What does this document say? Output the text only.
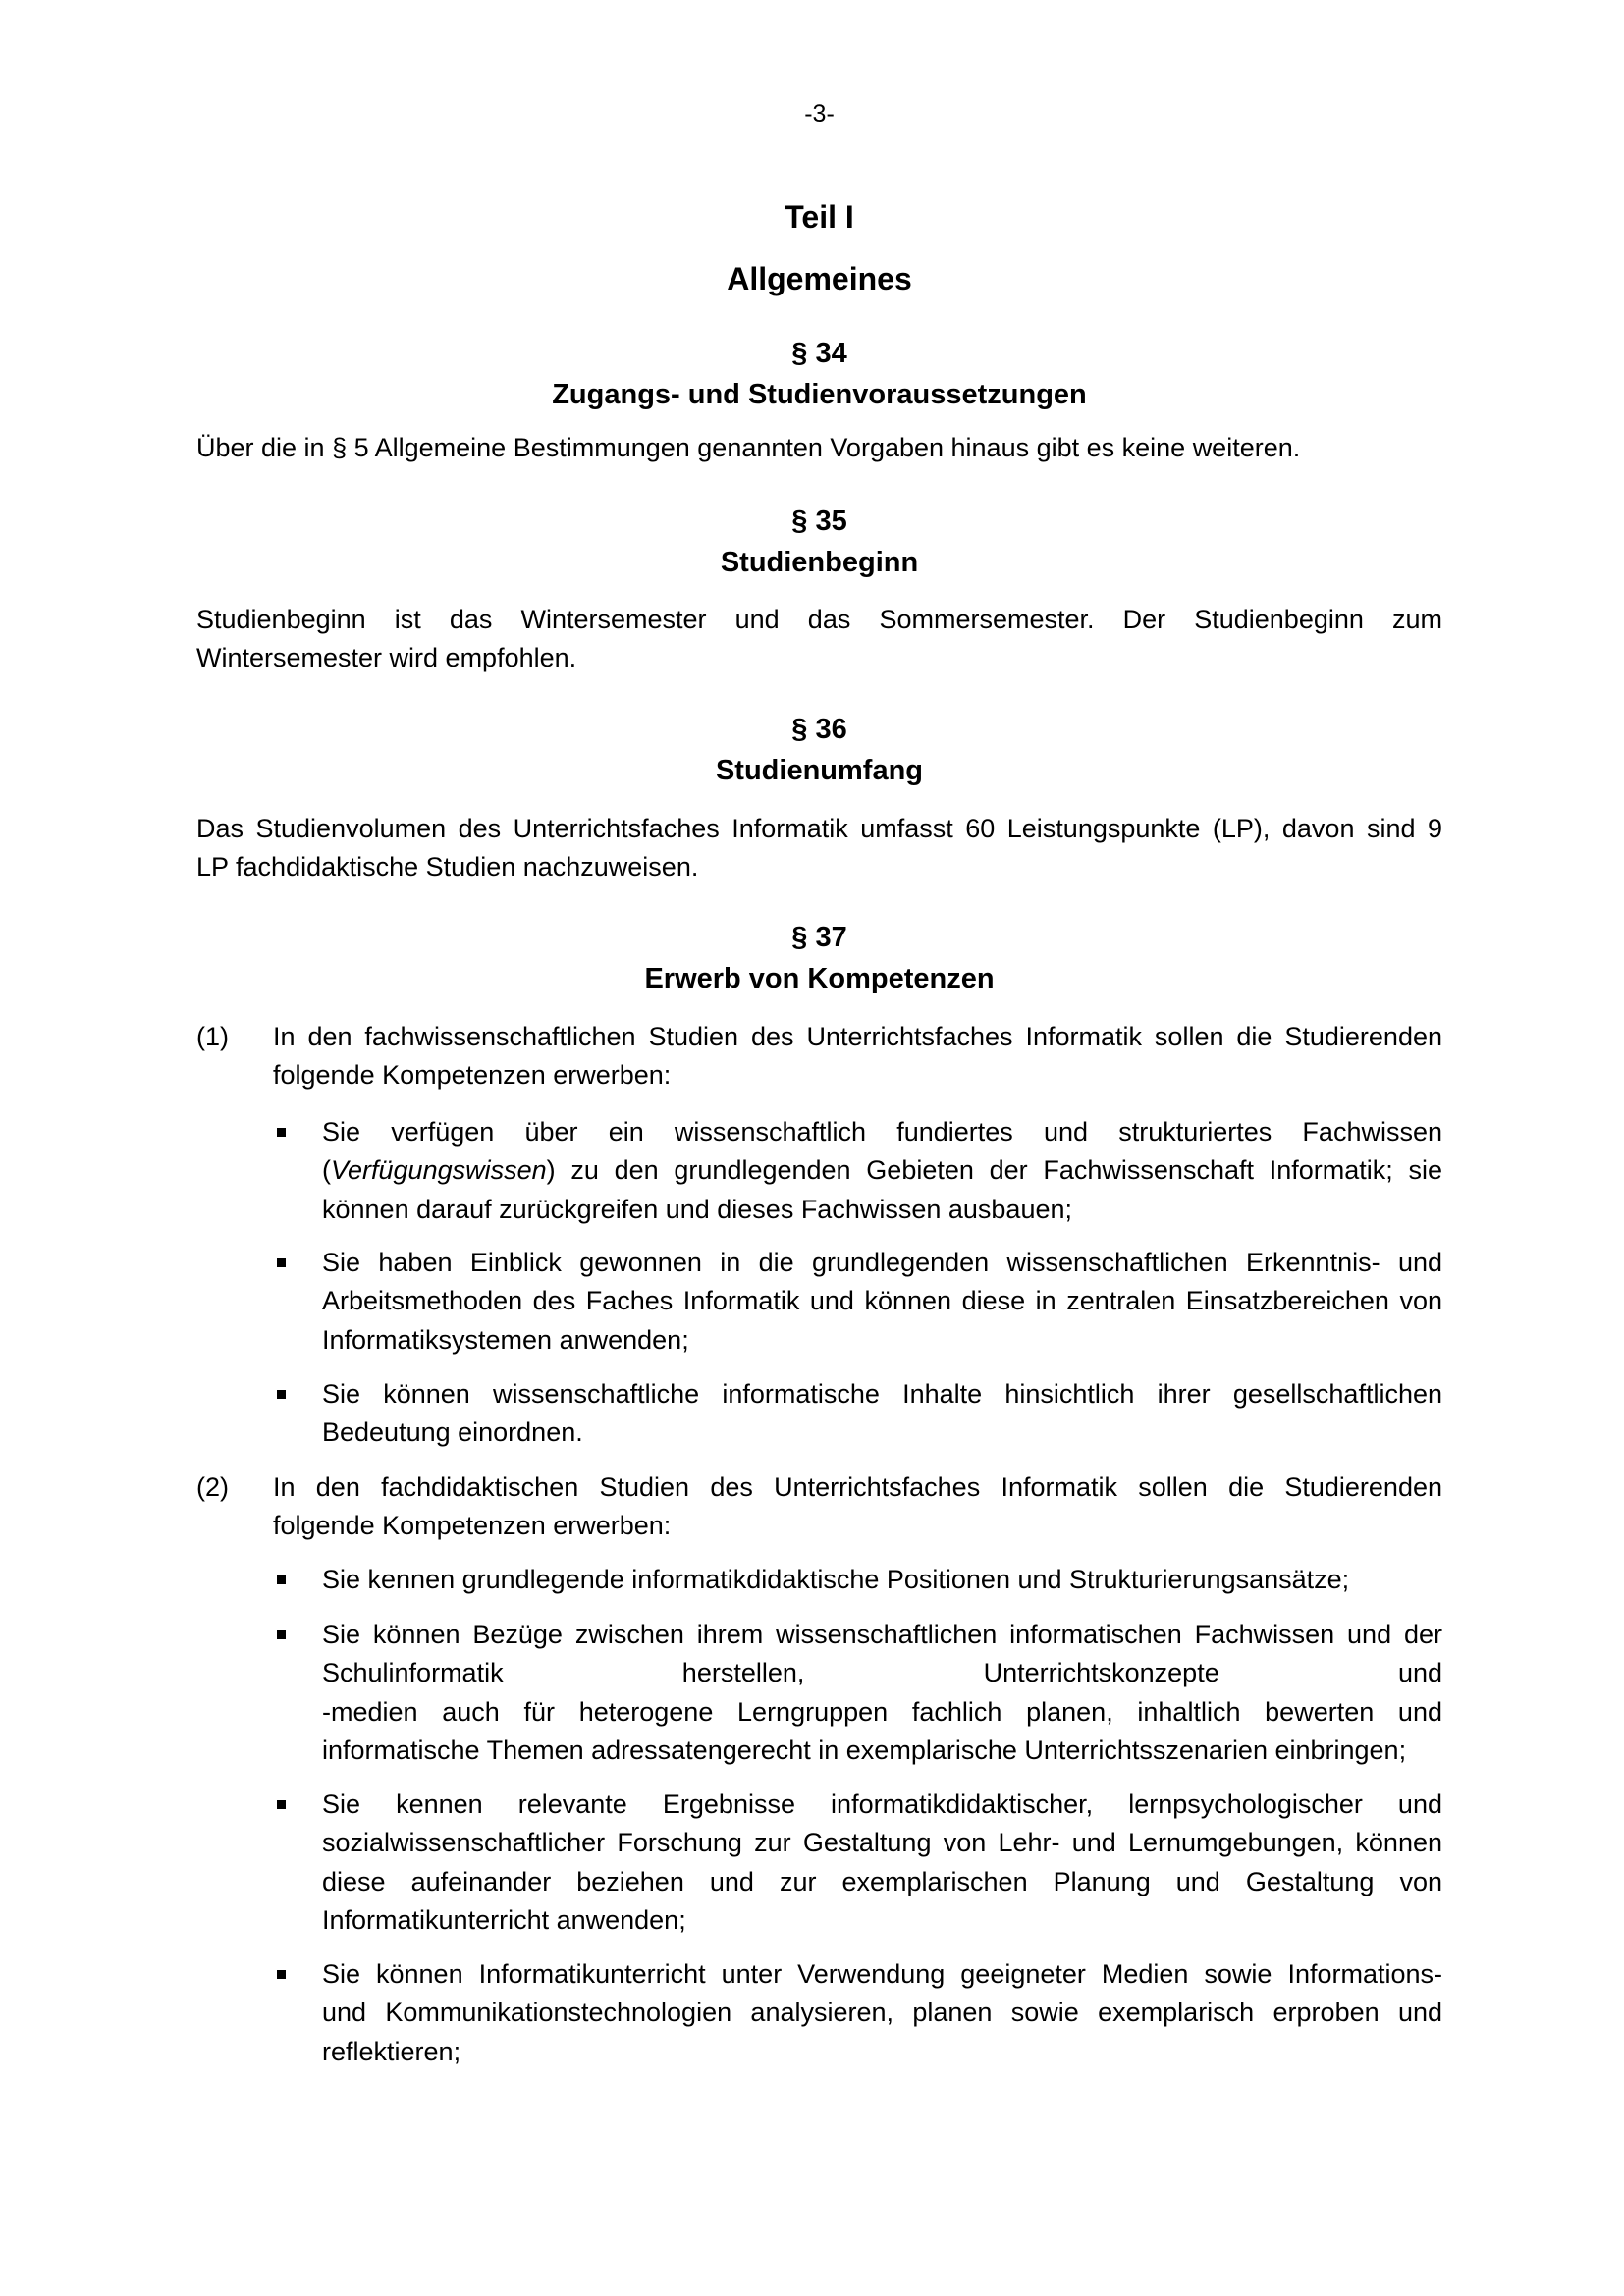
-3-
Teil I
Allgemeines
§ 34
Zugangs- und Studienvoraussetzungen
Über die in § 5 Allgemeine Bestimmungen genannten Vorgaben hinaus gibt es keine weiteren.
§ 35
Studienbeginn
Studienbeginn ist das Wintersemester und das Sommersemester. Der Studienbeginn zum
Wintersemester wird empfohlen.
§ 36
Studienumfang
Das Studienvolumen des Unterrichtsfaches Informatik umfasst 60 Leistungspunkte (LP), davon sind 9
LP fachdidaktische Studien nachzuweisen.
§ 37
Erwerb von Kompetenzen
(1) In den fachwissenschaftlichen Studien des Unterrichtsfaches Informatik sollen die Studierenden
folgende Kompetenzen erwerben:
Sie verfügen über ein wissenschaftlich fundiertes und strukturiertes Fachwissen
(Verfügungswissen) zu den grundlegenden Gebieten der Fachwissenschaft Informatik; sie
können darauf zurückgreifen und dieses Fachwissen ausbauen;
Sie haben Einblick gewonnen in die grundlegenden wissenschaftlichen Erkenntnis- und
Arbeitsmethoden des Faches Informatik und können diese in zentralen Einsatzbereichen von
Informatiksystemen anwenden;
Sie können wissenschaftliche informatische Inhalte hinsichtlich ihrer gesellschaftlichen
Bedeutung einordnen.
(2) In den fachdidaktischen Studien des Unterrichtsfaches Informatik sollen die Studierenden
folgende Kompetenzen erwerben:
Sie kennen grundlegende informatikdidaktische Positionen und Strukturierungsansätze;
Sie können Bezüge zwischen ihrem wissenschaftlichen informatischen Fachwissen und der
Schulinformatik herstellen, Unterrichtskonzepte und
-medien auch für heterogene Lerngruppen fachlich planen, inhaltlich bewerten und
informatische Themen adressatengerecht in exemplarische Unterrichtsszenarien einbringen;
Sie kennen relevante Ergebnisse informatikdidaktischer, lernpsychologischer und
sozialwissenschaftlicher Forschung zur Gestaltung von Lehr- und Lernumgebungen, können
diese aufeinander beziehen und zur exemplarischen Planung und Gestaltung von
Informatikunterricht anwenden;
Sie können Informatikunterricht unter Verwendung geeigneter Medien sowie Informations-
und Kommunikationstechnologien analysieren, planen sowie exemplarisch erproben und
reflektieren;
